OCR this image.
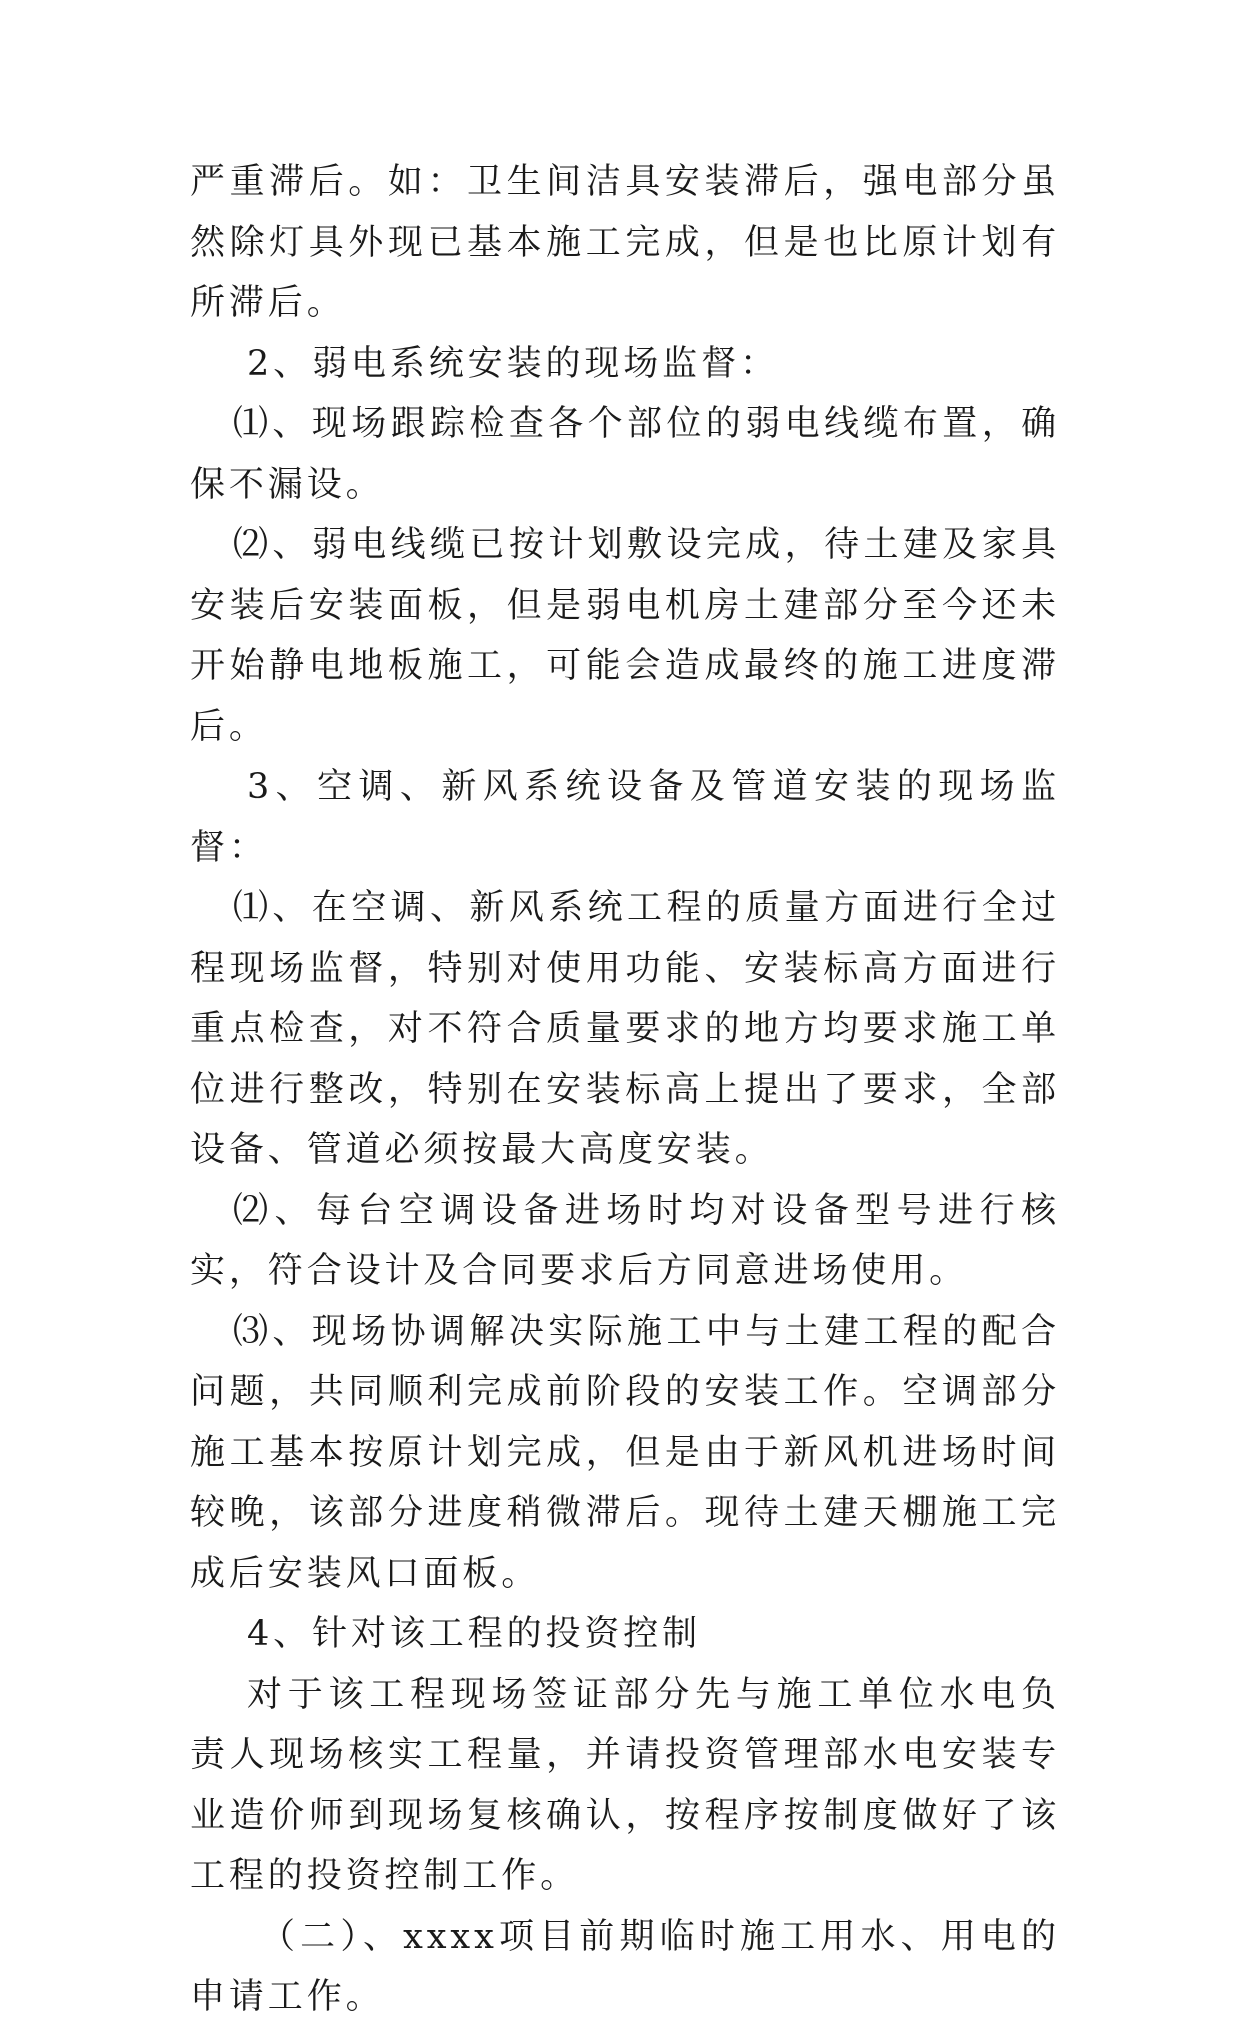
严重滞后。如：卫生间洁具安装滞后，强电部分虽然除灯具外现已基本施工完成，但是也比原计划有所滞后。

2、弱电系统安装的现场监督：

⑴、现场跟踪检查各个部位的弱电线缆布置，确保不漏设。

⑵、弱电线缆已按计划敷设完成，待土建及家具安装后安装面板，但是弱电机房土建部分至今还未开始静电地板施工，可能会造成最终的施工进度滞后。

3、空调、新风系统设备及管道安装的现场监督：

⑴、在空调、新风系统工程的质量方面进行全过程现场监督，特别对使用功能、安装标高方面进行重点检查，对不符合质量要求的地方均要求施工单位进行整改，特别在安装标高上提出了要求，全部设备、管道必须按最大高度安装。

⑵、每台空调设备进场时均对设备型号进行核实，符合设计及合同要求后方同意进场使用。

⑶、现场协调解决实际施工中与土建工程的配合问题，共同顺利完成前阶段的安装工作。空调部分施工基本按原计划完成，但是由于新风机进场时间较晚，该部分进度稍微滞后。现待土建天棚施工完成后安装风口面板。

4、针对该工程的投资控制

对于该工程现场签证部分先与施工单位水电负责人现场核实工程量，并请投资管理部水电安装专业造价师到现场复核确认，按程序按制度做好了该工程的投资控制工作。

（二）、xxxx项目前期临时施工用水、用电的申请工作。
